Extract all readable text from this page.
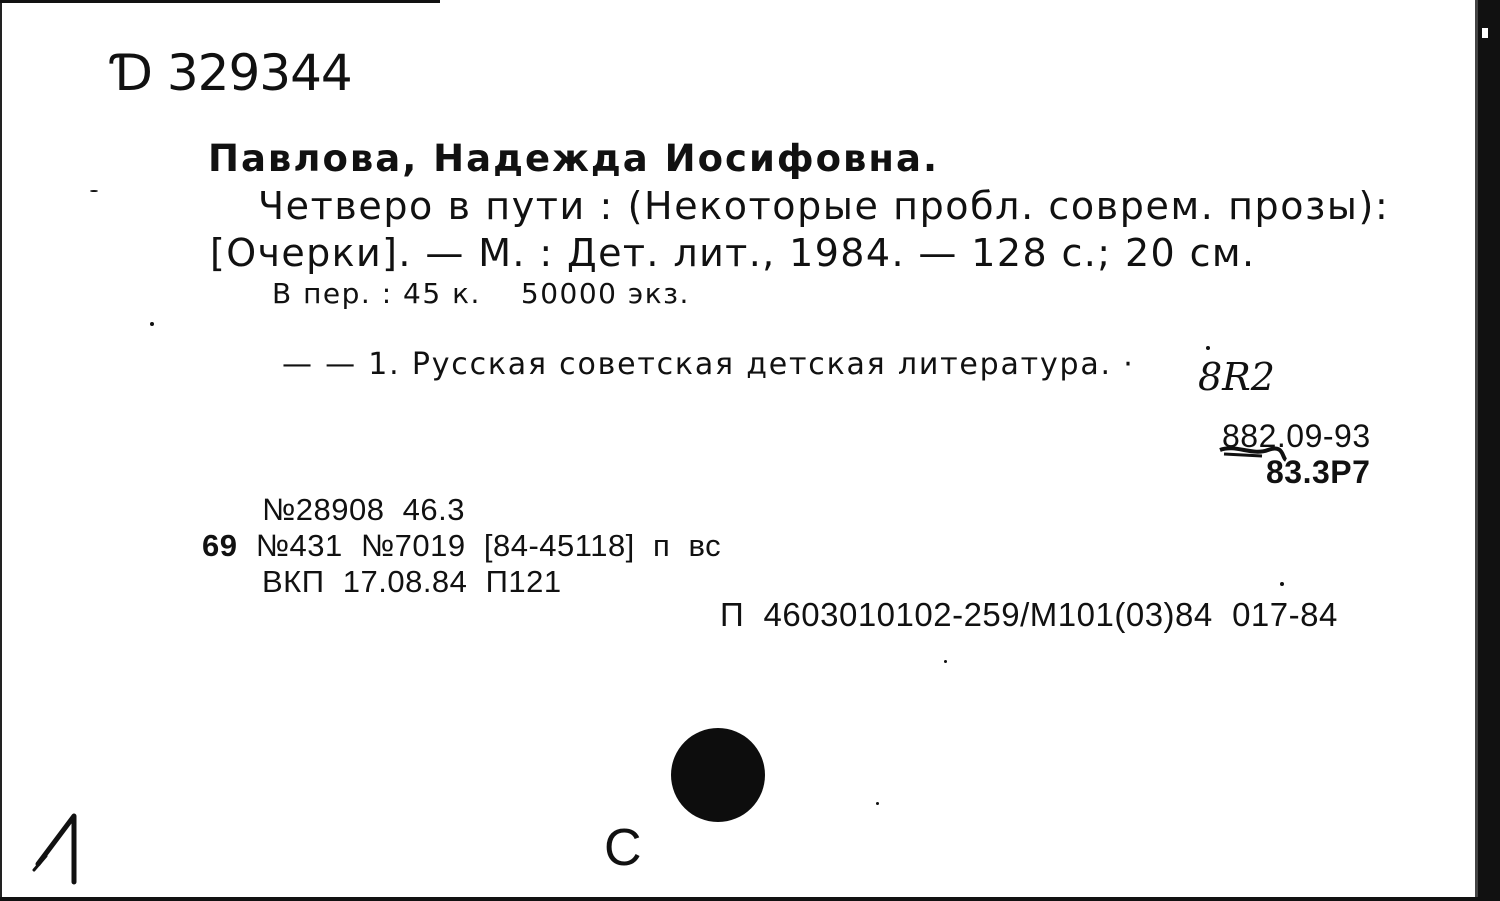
Ɗ 329344
Павлова, Надежда Иосифовна.
Четверо в пути : (Некоторые пробл. соврем. прозы):
[Очерки]. — М. : Дет. лит., 1984. — 128 с.; 20 см.
В пер. : 45 к. 50000 экз.
— — 1. Русская советская детская литература. · 8R2
882.09-93
83.3Р7
№28908  46.3
69 №431  №7019  [84-45118]  п  вс
ВКП  17.08.84  П121
П  4603010102-259/М101(03)84  017-84
С
